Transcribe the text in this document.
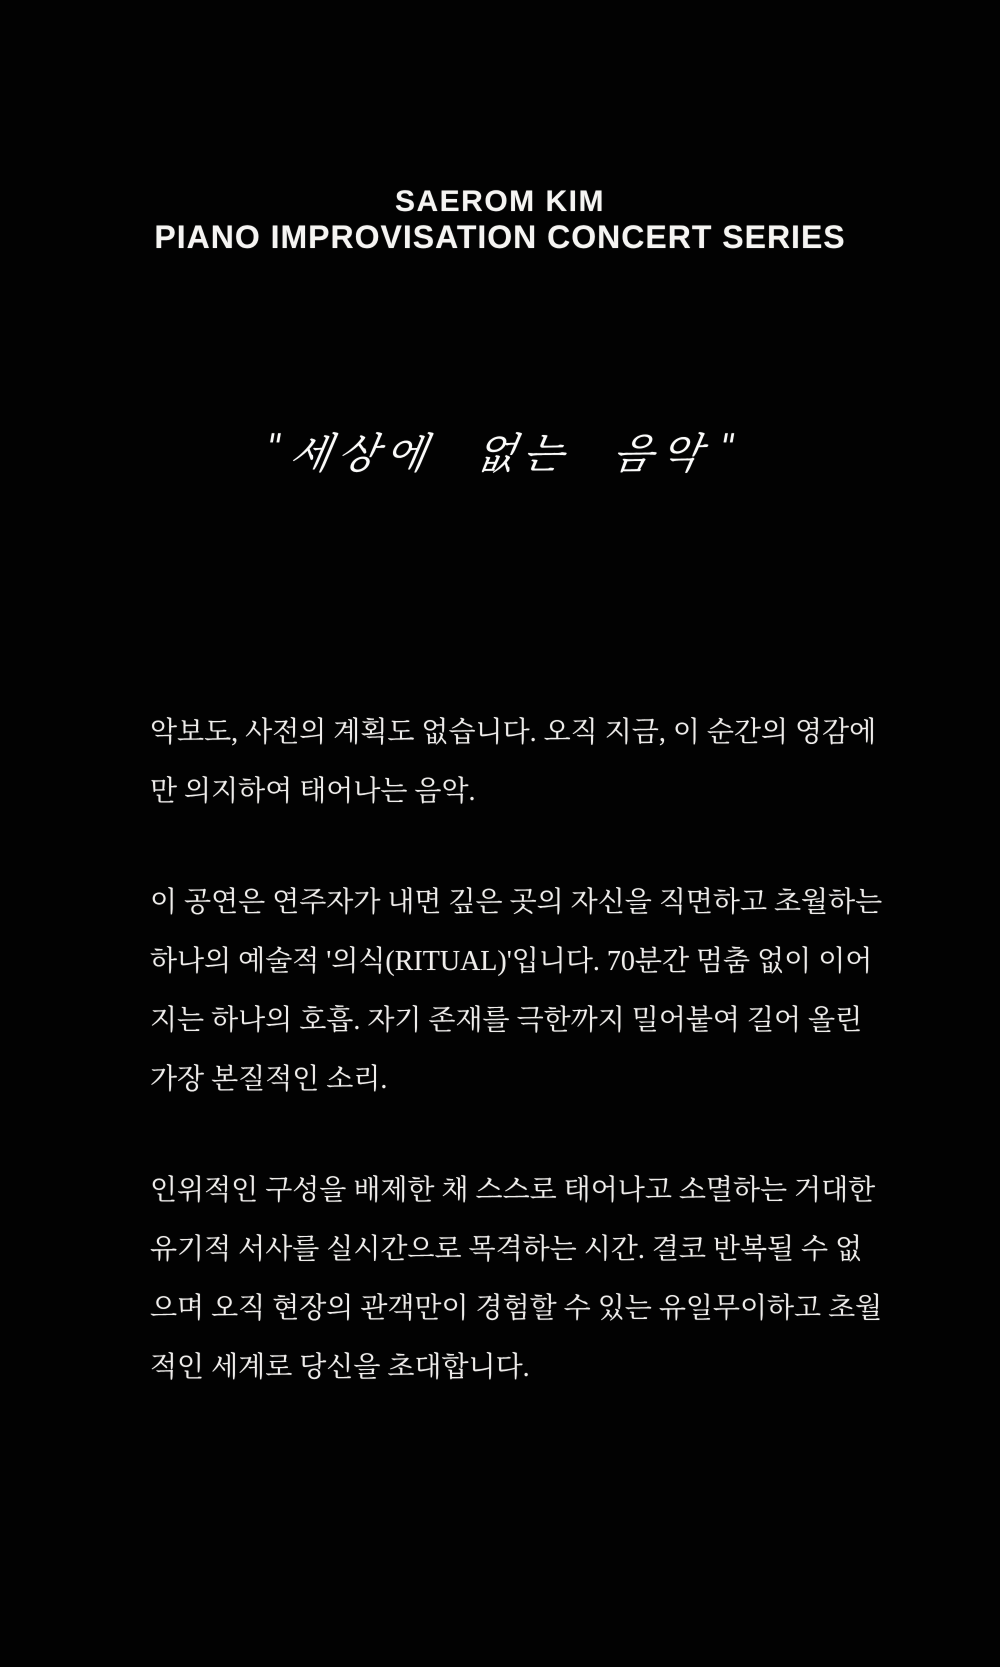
SAEROM KIM
PIANO IMPROVISATION CONCERT SERIES
"세상에 없는 음악"

악보도, 사전의 계획도 없습니다. 오직 지금, 이 순간의 영감에
만 의지하여 태어나는 음악.

이 공연은 연주자가 내면 깊은 곳의 자신을 직면하고 초월하는
하나의 예술적 '의식(RITUAL)'입니다. 70분간 멈춤 없이 이어
지는 하나의 호흡. 자기 존재를 극한까지 밀어붙여 길어 올린
가장 본질적인 소리.

인위적인 구성을 배제한 채 스스로 태어나고 소멸하는 거대한
유기적 서사를 실시간으로 목격하는 시간. 결코 반복될 수 없
으며 오직 현장의 관객만이 경험할 수 있는 유일무이하고 초월
적인 세계로 당신을 초대합니다.
